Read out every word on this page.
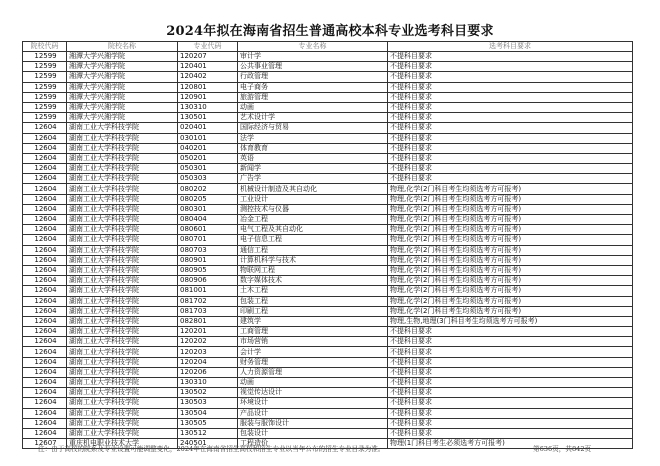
2024年拟在海南省招生普通高校本科专业选考科目要求
院校代码	院校名称	专业代码	专业名称	选考科目要求
12599	湘潭大学兴湘学院	120207	审计学	不提科目要求
12599	湘潭大学兴湘学院	120401	公共事业管理	不提科目要求
12599	湘潭大学兴湘学院	120402	行政管理	不提科目要求
12599	湘潭大学兴湘学院	120801	电子商务	不提科目要求
12599	湘潭大学兴湘学院	120901	旅游管理	不提科目要求
12599	湘潭大学兴湘学院	130310	动画	不提科目要求
12599	湘潭大学兴湘学院	130501	艺术设计学	不提科目要求
12604	湖南工业大学科技学院	020401	国际经济与贸易	不提科目要求
12604	湖南工业大学科技学院	030101	法学	不提科目要求
12604	湖南工业大学科技学院	040201	体育教育	不提科目要求
12604	湖南工业大学科技学院	050201	英语	不提科目要求
12604	湖南工业大学科技学院	050301	新闻学	不提科目要求
12604	湖南工业大学科技学院	050303	广告学	不提科目要求
12604	湖南工业大学科技学院	080202	机械设计制造及其自动化	物理,化学(2门科目考生均须选考方可报考)
12604	湖南工业大学科技学院	080205	工业设计	物理,化学(2门科目考生均须选考方可报考)
12604	湖南工业大学科技学院	080301	测控技术与仪器	物理,化学(2门科目考生均须选考方可报考)
12604	湖南工业大学科技学院	080404	冶金工程	物理,化学(2门科目考生均须选考方可报考)
12604	湖南工业大学科技学院	080601	电气工程及其自动化	物理,化学(2门科目考生均须选考方可报考)
12604	湖南工业大学科技学院	080701	电子信息工程	物理,化学(2门科目考生均须选考方可报考)
12604	湖南工业大学科技学院	080703	通信工程	物理,化学(2门科目考生均须选考方可报考)
12604	湖南工业大学科技学院	080901	计算机科学与技术	物理,化学(2门科目考生均须选考方可报考)
12604	湖南工业大学科技学院	080905	物联网工程	物理,化学(2门科目考生均须选考方可报考)
12604	湖南工业大学科技学院	080906	数字媒体技术	物理,化学(2门科目考生均须选考方可报考)
12604	湖南工业大学科技学院	081001	土木工程	物理,化学(2门科目考生均须选考方可报考)
12604	湖南工业大学科技学院	081702	包装工程	物理,化学(2门科目考生均须选考方可报考)
12604	湖南工业大学科技学院	081703	印刷工程	物理,化学(2门科目考生均须选考方可报考)
12604	湖南工业大学科技学院	082801	建筑学	物理,生物,地理(3门科目考生均须选考方可报考)
12604	湖南工业大学科技学院	120201	工商管理	不提科目要求
12604	湖南工业大学科技学院	120202	市场营销	不提科目要求
12604	湖南工业大学科技学院	120203	会计学	不提科目要求
12604	湖南工业大学科技学院	120204	财务管理	不提科目要求
12604	湖南工业大学科技学院	120206	人力资源管理	不提科目要求
12604	湖南工业大学科技学院	130310	动画	不提科目要求
12604	湖南工业大学科技学院	130502	视觉传达设计	不提科目要求
12604	湖南工业大学科技学院	130503	环境设计	不提科目要求
12604	湖南工业大学科技学院	130504	产品设计	不提科目要求
12604	湖南工业大学科技学院	130505	服装与服饰设计	不提科目要求
12604	湖南工业大学科技学院	130512	包装设计	不提科目要求
12607	重庆机电职业技术大学	240501	工程造价	物理(1门科目考生必须选考方可报考)
注：由于高校的院系及专业设置可能调整变化，2024年在海南省招生高校和招生专业以当年公布的招生专业目录为准。	第636页，共842页
